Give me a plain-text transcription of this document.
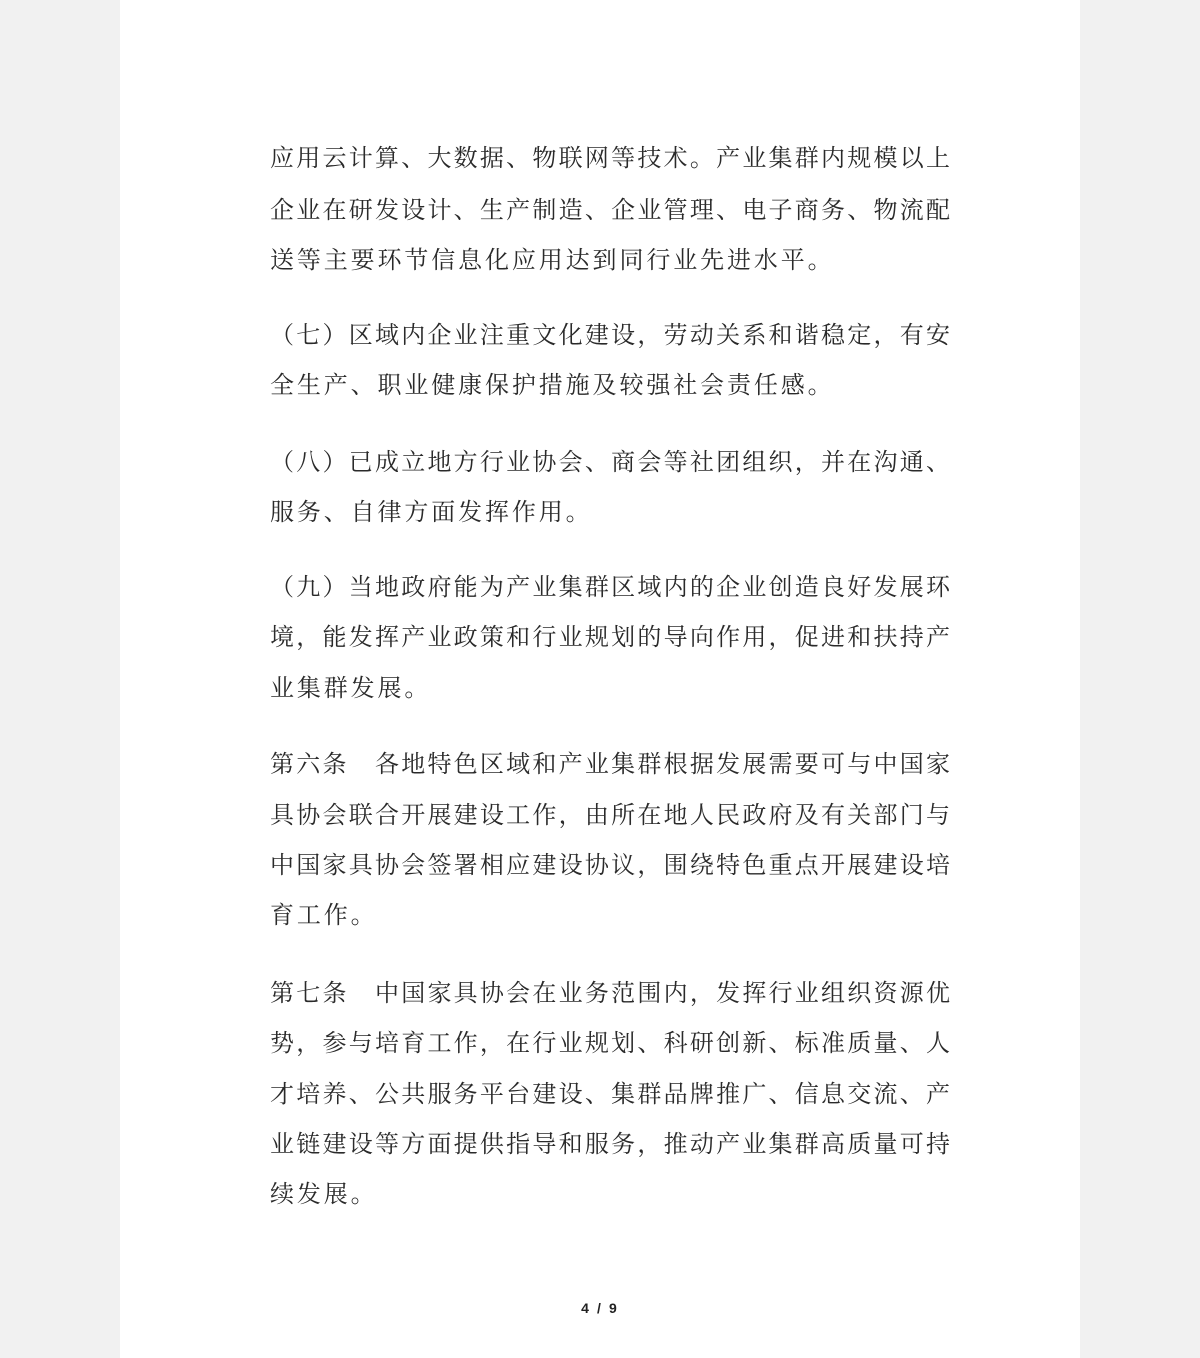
应用云计算、大数据、物联网等技术。产业集群内规模以上
企业在研发设计、生产制造、企业管理、电子商务、物流配
送等主要环节信息化应用达到同行业先进水平。
（七）区域内企业注重文化建设，劳动关系和谐稳定，有安
全生产、职业健康保护措施及较强社会责任感。
（八）已成立地方行业协会、商会等社团组织，并在沟通、
服务、自律方面发挥作用。
（九）当地政府能为产业集群区域内的企业创造良好发展环
境，能发挥产业政策和行业规划的导向作用，促进和扶持产
业集群发展。
第六条　各地特色区域和产业集群根据发展需要可与中国家
具协会联合开展建设工作，由所在地人民政府及有关部门与
中国家具协会签署相应建设协议，围绕特色重点开展建设培
育工作。
第七条　中国家具协会在业务范围内，发挥行业组织资源优
势，参与培育工作，在行业规划、科研创新、标准质量、人
才培养、公共服务平台建设、集群品牌推广、信息交流、产
业链建设等方面提供指导和服务，推动产业集群高质量可持
续发展。
4 / 9
